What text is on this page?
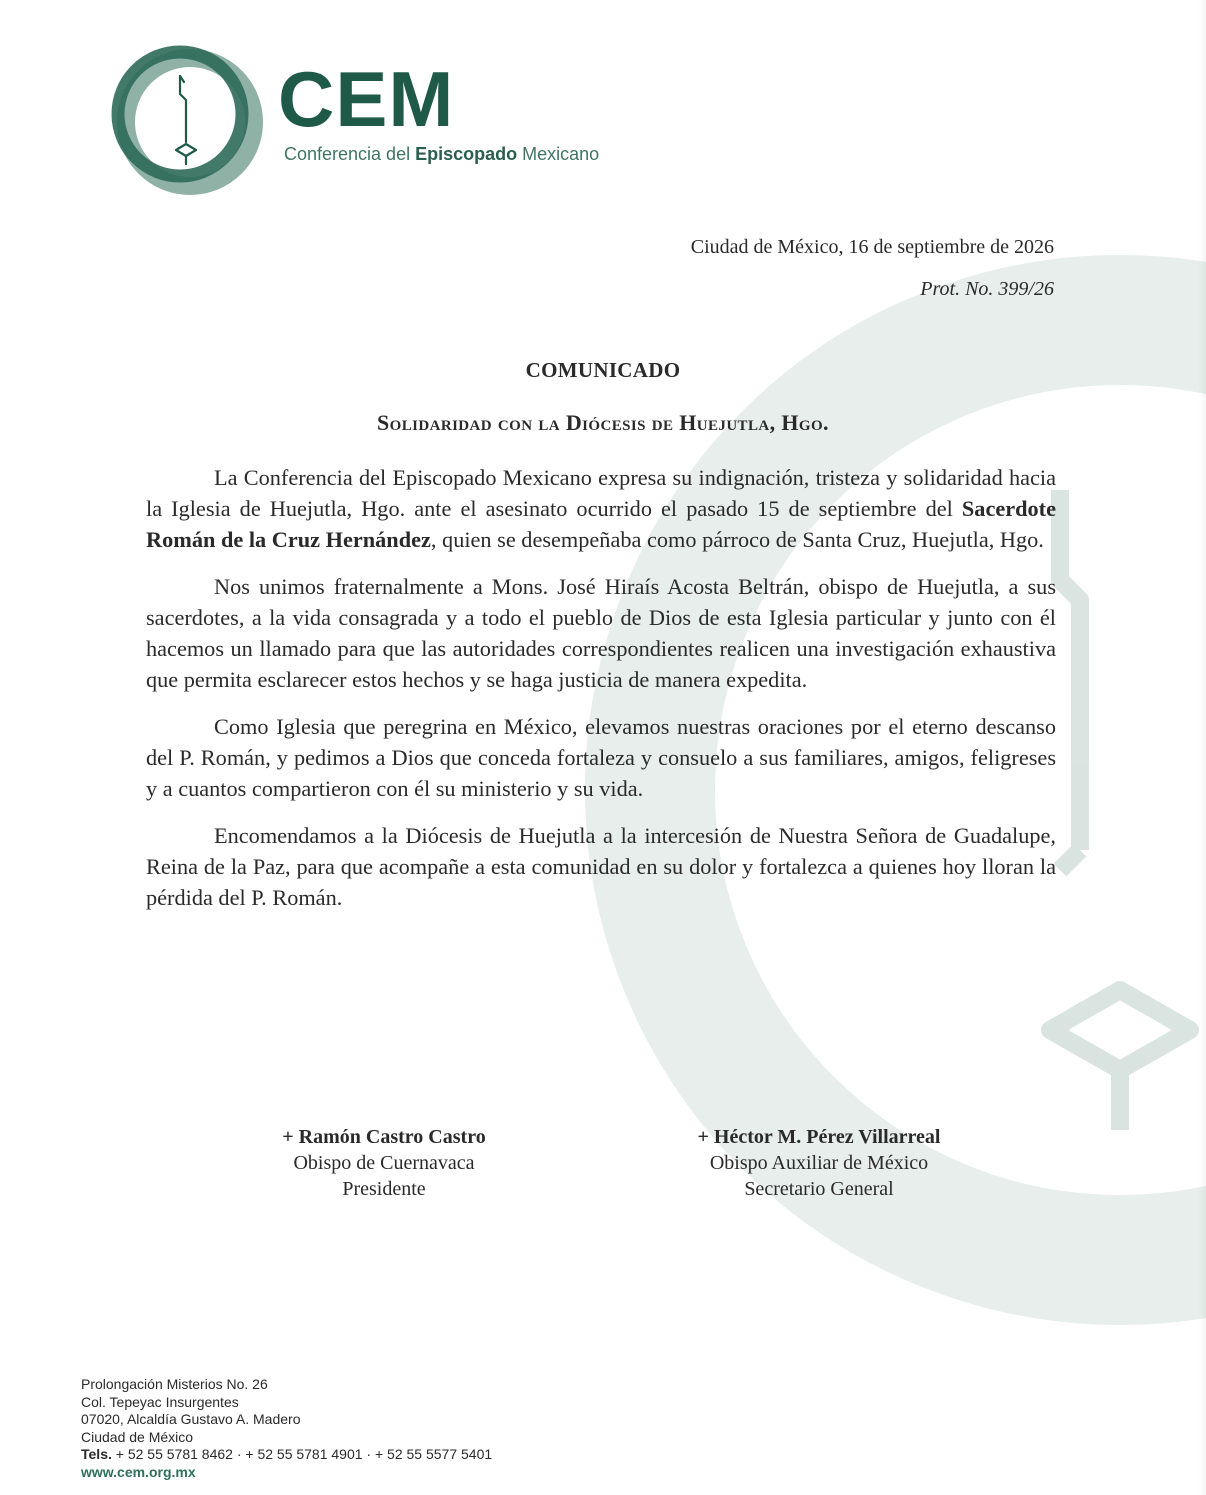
CEM
Conferencia del Episcopado Mexicano
Ciudad de México, 16 de septiembre de 2026
Prot. No. 399/26
COMUNICADO
Solidaridad con la Diócesis de Huejutla, Hgo.

La Conferencia del Episcopado Mexicano expresa su indignación, tristeza y solidaridad hacia la Iglesia de Huejutla, Hgo. ante el asesinato ocurrido el pasado 15 de septiembre del Sacerdote Román de la Cruz Hernández, quien se desempeñaba como párroco de Santa Cruz, Huejutla, Hgo.

Nos unimos fraternalmente a Mons. José Hiraís Acosta Beltrán, obispo de Huejutla, a sus sacerdotes, a la vida consagrada y a todo el pueblo de Dios de esta Iglesia particular y junto con él hacemos un llamado para que las autoridades correspondientes realicen una investigación exhaustiva que permita esclarecer estos hechos y se haga justicia de manera expedita.

Como Iglesia que peregrina en México, elevamos nuestras oraciones por el eterno descanso del P. Román, y pedimos a Dios que conceda fortaleza y consuelo a sus familiares, amigos, feligreses y a cuantos compartieron con él su ministerio y su vida.

Encomendamos a la Diócesis de Huejutla a la intercesión de Nuestra Señora de Guadalupe, Reina de la Paz, para que acompañe a esta comunidad en su dolor y fortalezca a quienes hoy lloran la pérdida del P. Román.

+ Ramón Castro Castro
Obispo de Cuernavaca
Presidente
+ Héctor M. Pérez Villarreal
Obispo Auxiliar de México
Secretario General
Prolongación Misterios No. 26
Col. Tepeyac Insurgentes
07020, Alcaldía Gustavo A. Madero
Ciudad de México
Tels. + 52 55 5781 8462 · + 52 55 5781 4901 · + 52 55 5577 5401
www.cem.org.mx
